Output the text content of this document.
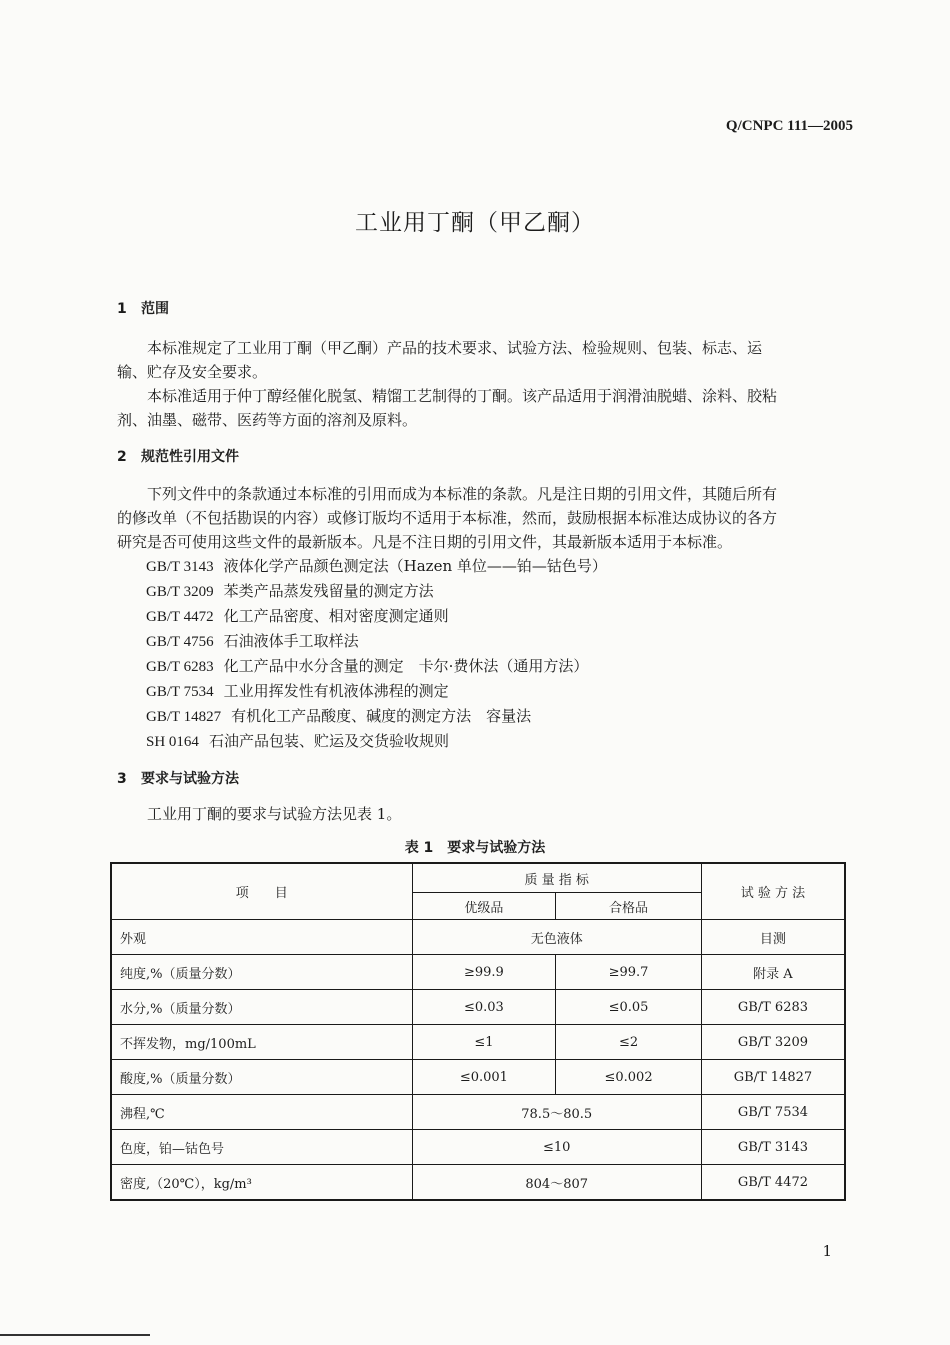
Q/CNPC 111—2005
工业用丁酮（甲乙酮）
1 范围
本标准规定了工业用丁酮（甲乙酮）产品的技术要求、试验方法、检验规则、包装、标志、运
输、贮存及安全要求。
本标准适用于仲丁醇经催化脱氢、精馏工艺制得的丁酮。该产品适用于润滑油脱蜡、涂料、胶粘
剂、油墨、磁带、医药等方面的溶剂及原料。
2 规范性引用文件
下列文件中的条款通过本标准的引用而成为本标准的条款。凡是注日期的引用文件，其随后所有
的修改单（不包括勘误的内容）或修订版均不适用于本标准，然而，鼓励根据本标准达成协议的各方
研究是否可使用这些文件的最新版本。凡是不注日期的引用文件，其最新版本适用于本标准。
GB/T 3143 液体化学产品颜色测定法（Hazen 单位——铂—钴色号）
GB/T 3209 苯类产品蒸发残留量的测定方法
GB/T 4472 化工产品密度、相对密度测定通则
GB/T 4756 石油液体手工取样法
GB/T 6283 化工产品中水分含量的测定　卡尔·费休法（通用方法）
GB/T 7534 工业用挥发性有机液体沸程的测定
GB/T 14827 有机化工产品酸度、碱度的测定方法　容量法
SH 0164 石油产品包装、贮运及交货验收规则
3 要求与试验方法
工业用丁酮的要求与试验方法见表 1。
表 1　要求与试验方法
项　　目	质 量 指 标		试 验 方 法
	优级品	合格品	
外观	无色液体		目测
纯度,%（质量分数）	≥99.9	≥99.7	附录 A
水分,%（质量分数）	≤0.03	≤0.05	GB/T 6283
不挥发物，mg/100mL	≤1	≤2	GB/T 3209
酸度,%（质量分数）	≤0.001	≤0.002	GB/T 14827
沸程,℃	78.5～80.5		GB/T 7534
色度，铂—钴色号	≤10		GB/T 3143
密度,（20℃），kg/m³	804～807		GB/T 4472
1
